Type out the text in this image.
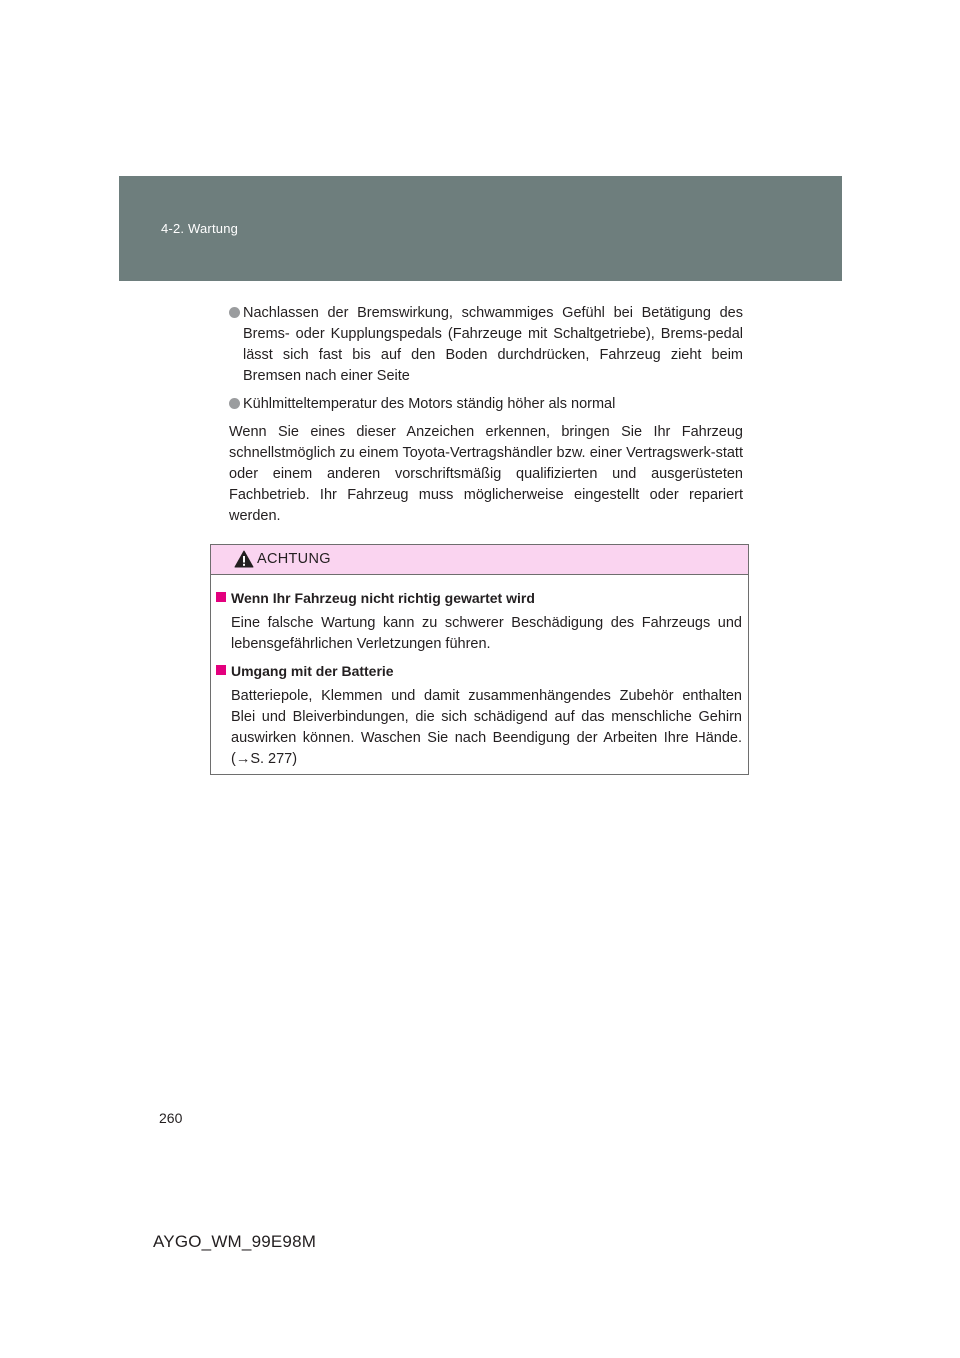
4-2. Wartung
Nachlassen der Bremswirkung, schwammiges Gefühl bei Betätigung des Brems- oder Kupplungspedals (Fahrzeuge mit Schaltgetriebe), Brems-pedal lässt sich fast bis auf den Boden durchdrücken, Fahrzeug zieht beim Bremsen nach einer Seite
Kühlmitteltemperatur des Motors ständig höher als normal

Wenn Sie eines dieser Anzeichen erkennen, bringen Sie Ihr Fahrzeug schnellstmöglich zu einem Toyota-Vertragshändler bzw. einer Vertragswerk-statt oder einem anderen vorschriftsmäßig qualifizierten und ausgerüsteten Fachbetrieb. Ihr Fahrzeug muss möglicherweise eingestellt oder repariert werden.

ACHTUNG
Wenn Ihr Fahrzeug nicht richtig gewartet wird
Eine falsche Wartung kann zu schwerer Beschädigung des Fahrzeugs und lebensgefährlichen Verletzungen führen.
Umgang mit der Batterie
Batteriepole, Klemmen und damit zusammenhängendes Zubehör enthalten Blei und Bleiverbindungen, die sich schädigend auf das menschliche Gehirn auswirken können. Waschen Sie nach Beendigung der Arbeiten Ihre Hände. (→S. 277)
260
AYGO_WM_99E98M
